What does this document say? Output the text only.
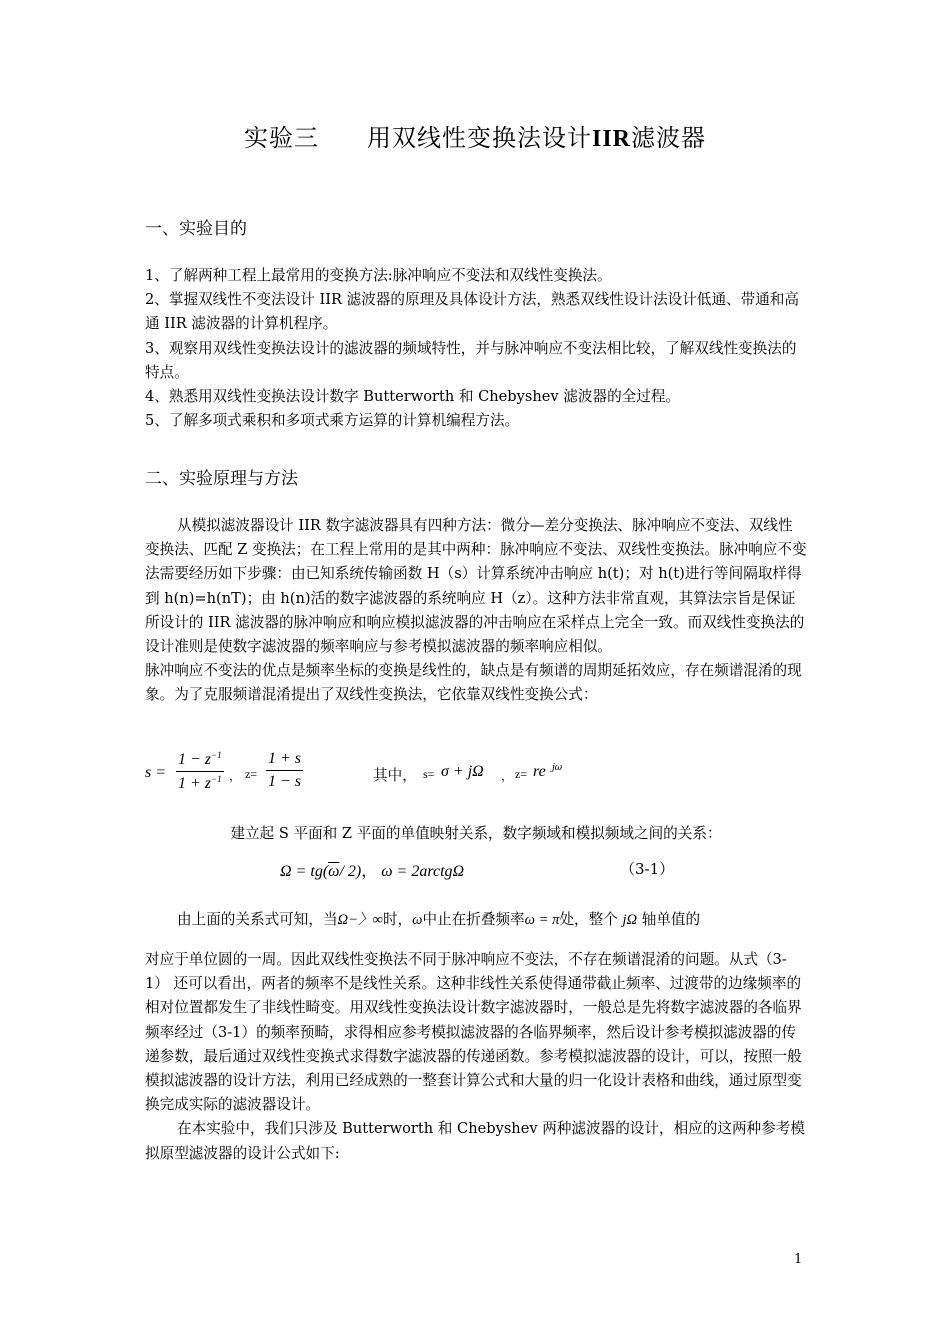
实验三 用双线性变换法设计IIR滤波器
一、实验目的

1、了解两种工程上最常用的变换方法:脉冲响应不变法和双线性变换法。

2、掌握双线性不变法设计 IIR 滤波器的原理及具体设计方法，熟悉双线性设计法设计低通、带通和高通 IIR 滤波器的计算机程序。

3、观察用双线性变换法设计的滤波器的频域特性，并与脉冲响应不变法相比较，了解双线性变换法的特点。

4、熟悉用双线性变换法设计数字 Butterworth 和 Chebyshev 滤波器的全过程。

5、了解多项式乘积和多项式乘方运算的计算机编程方法。

二、实验原理与方法

从模拟滤波器设计 IIR 数字滤波器具有四种方法：微分—差分变换法、脉冲响应不变法、双线性变换法、匹配 Z 变换法；在工程上常用的是其中两种：脉冲响应不变法、双线性变换法。脉冲响应不变法需要经历如下步骤：由已知系统传输函数 H（s）计算系统冲击响应 h(t)；对 h(t)进行等间隔取样得到 h(n)=h(nT)；由 h(n)活的数字滤波器的系统响应 H（z）。这种方法非常直观，其算法宗旨是保证所设计的 IIR 滤波器的脉冲响应和响应模拟滤波器的冲击响应在采样点上完全一致。而双线性变换法的设计准则是使数字滤波器的频率响应与参考模拟滤波器的频率响应相似。

脉冲响应不变法的优点是频率坐标的变换是线性的，缺点是有频谱的周期延拓效应，存在频谱混淆的现象。为了克服频谱混淆提出了双线性变换法，它依靠双线性变换公式：

$s = \frac{1 - z^{-1}}{1 + z^{-1}}$ ， $z= \frac{1 + s}{1 - s}$	其中， s= σ + jΩ ， z= re jω
建立起 S 平面和 Z 平面的单值映射关系，数字频域和模拟频域之间的关系：
$\Omega = tg(\overline{\omega}/$ 2)， ω = 2arctgΩ	（3-1）

由上面的关系式可知，当Ω−〉∞时，ω中止在折叠频率ω = π处，整个 jΩ 轴单值的

对应于单位圆的一周。因此双线性变换法不同于脉冲响应不变法，不存在频谱混淆的问题。从式（3-1） 还可以看出，两者的频率不是线性关系。这种非线性关系使得通带截止频率、过渡带的边缘频率的相对位置都发生了非线性畸变。用双线性变换法设计数字滤波器时，一般总是先将数字滤波器的各临界频率经过（3-1）的频率预畸，求得相应参考模拟滤波器的各临界频率，然后设计参考模拟滤波器的传递参数，最后通过双线性变换式求得数字滤波器的传递函数。参考模拟滤波器的设计，可以，按照一般模拟滤波器的设计方法，利用已经成熟的一整套计算公式和大量的归一化设计表格和曲线，通过原型变换完成实际的滤波器设计。

在本实验中，我们只涉及 Butterworth 和 Chebyshev 两种滤波器的设计，相应的这两种参考模拟原型滤波器的设计公式如下:

1
